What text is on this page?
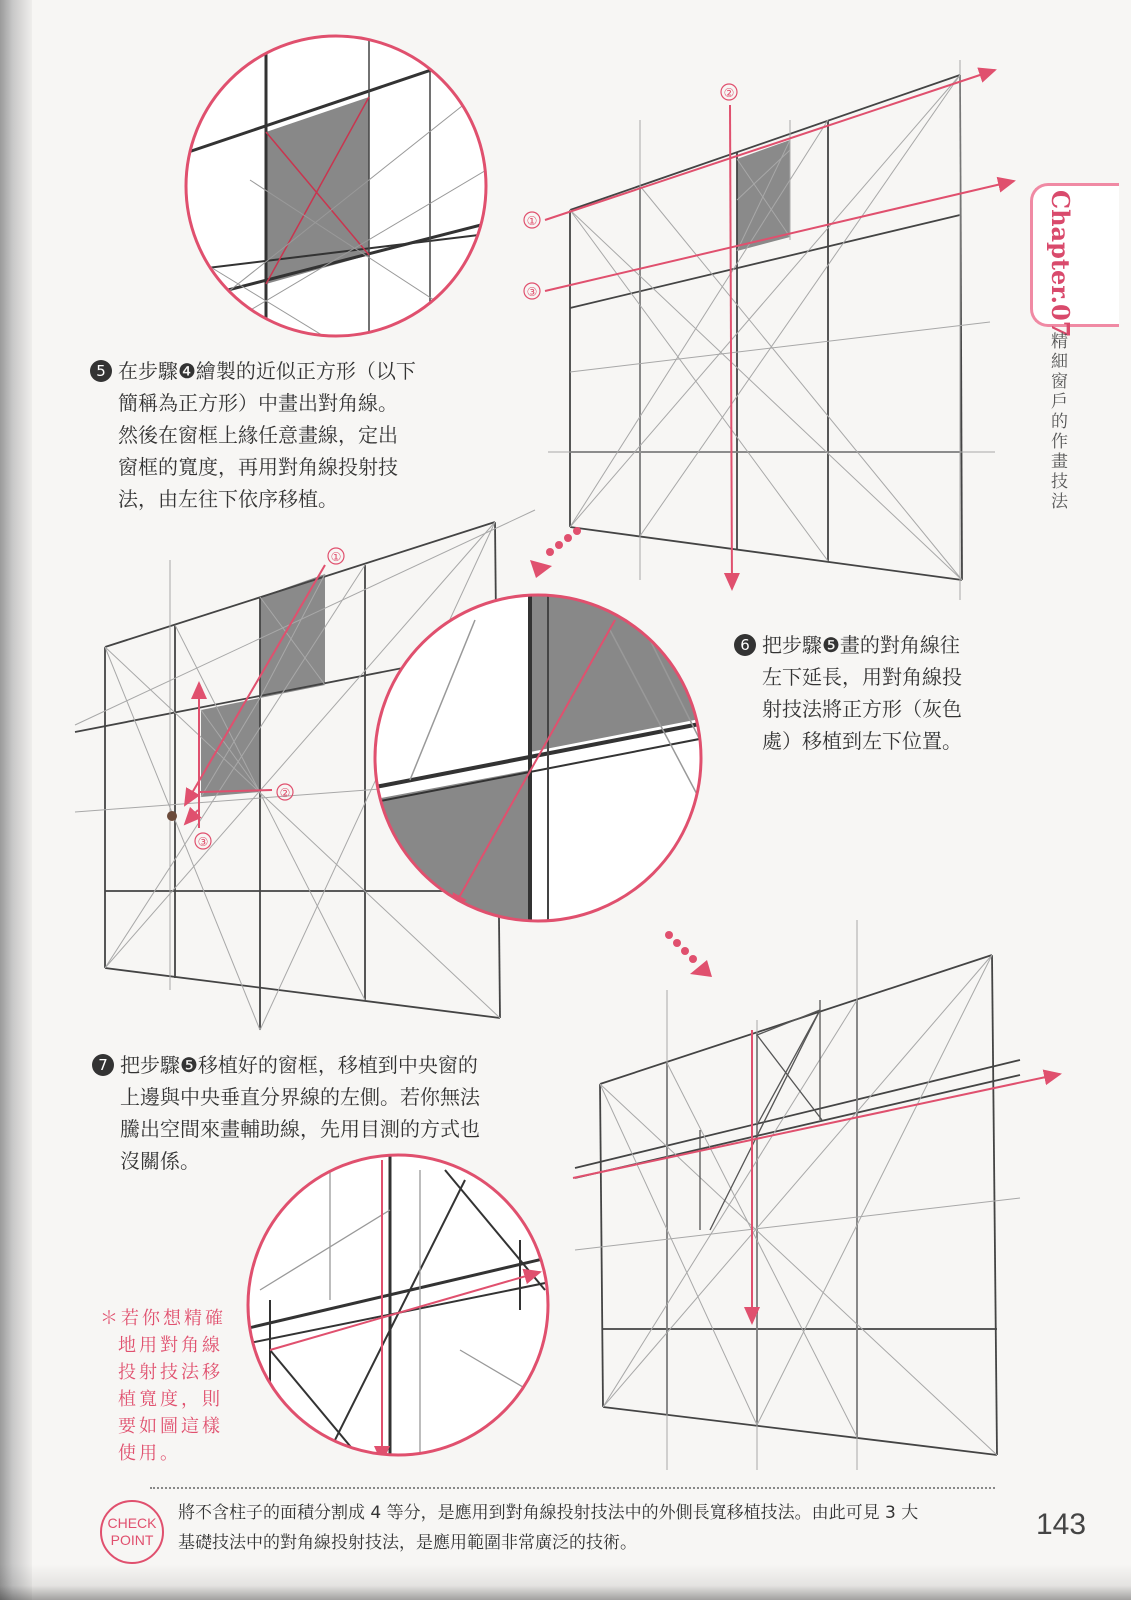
②
①
③
①
②
③
Chapter.07
精細窗戶的作畫技法
5 在步驟❹繪製的近似正方形（以下
簡稱為正方形）中畫出對角線。
然後在窗框上緣任意畫線，定出
窗框的寬度，再用對角線投射技
法，由左往下依序移植。
6 把步驟❺畫的對角線往
左下延長，用對角線投
射技法將正方形（灰色
處）移植到左下位置。
7 把步驟❺移植好的窗框，移植到中央窗的
上邊與中央垂直分界線的左側。若你無法
騰出空間來畫輔助線，先用目測的方式也
沒關係。
＊若你想精確
地用對角線
投射技法移
植寬度，則
要如圖這樣
使用。
CHECK
POINT
將不含柱子的面積分割成 4 等分，是應用到對角線投射技法中的外側長寬移植技法。由此可見 3 大
基礎技法中的對角線投射技法，是應用範圍非常廣泛的技術。
143
